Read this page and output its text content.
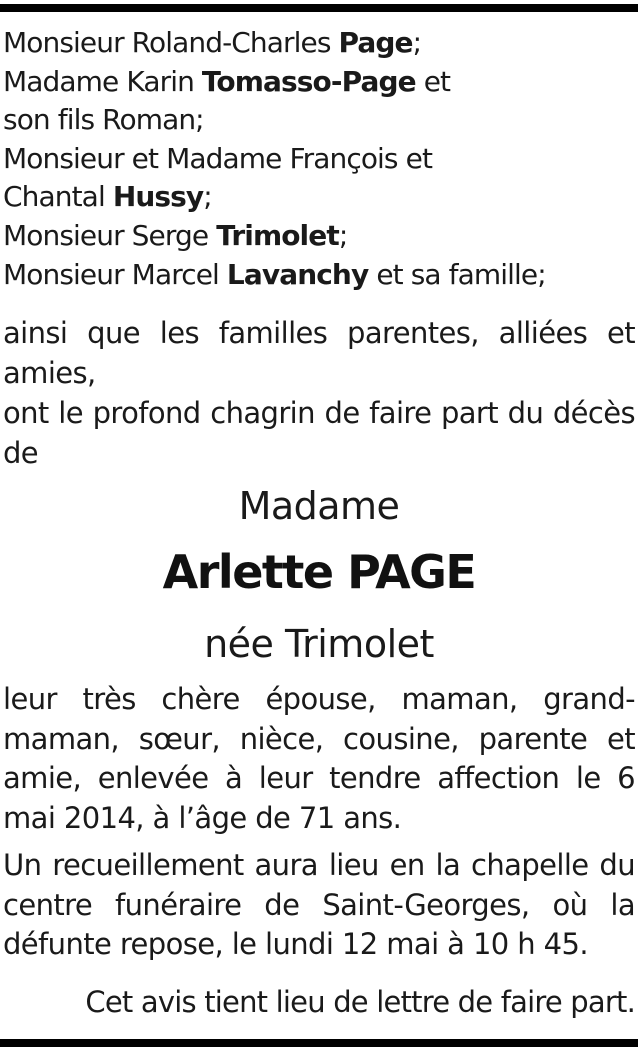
Monsieur Roland-Charles Page;
Madame Karin Tomasso-Page et
son fils Roman;
Monsieur et Madame François et
Chantal Hussy;
Monsieur Serge Trimolet;
Monsieur Marcel Lavanchy et sa famille;

ainsi que les familles parentes, alliées et amies,

ont le profond chagrin de faire part du décès de

Madame

Arlette PAGE

née Trimolet

leur très chère épouse, maman, grand-maman, sœur, nièce, cousine, parente et amie, enlevée à leur tendre affection le 6 mai 2014, à l’âge de 71 ans.

Un recueillement aura lieu en la chapelle du centre funéraire de Saint-Georges, où la défunte repose, le lundi 12 mai à 10 h 45.

Cet avis tient lieu de lettre de faire part.
